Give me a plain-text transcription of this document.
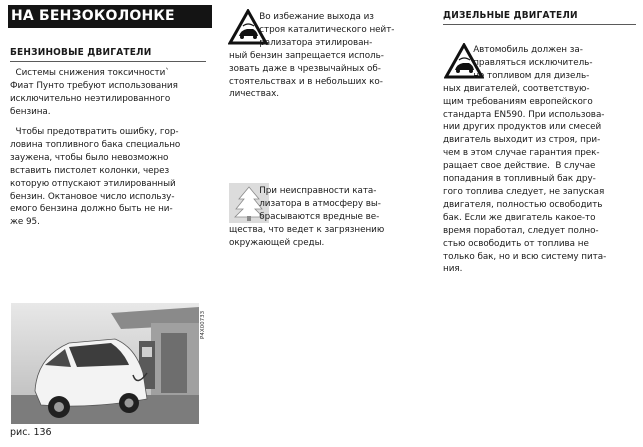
НА БЕНЗОКОЛОНКЕ
БЕНЗИНОВЫЕ ДВИГАТЕЛИ
Системы снижения токсичности`
Фиат Пунто требуют использования
исключительно неэтилированного
бензина.
Чтобы предотвратить ошибку, гор-
ловина топливного бака специально
зауженa, чтобы было невозможно
вставить пистолет колонки, через
которую отпускают этилированный
бензин. Октановое число использу-
емого бензина должно быть не ни-
же 95.
P4X00733
рис. 136
Во избежание выхода из
строя каталитического нейт-
рализатора этилирован-
ный бензин запрещается исполь-
зовать даже в чрезвычайных об-
стоятельствах и в небольших ко-
личествах.
При неисправности ката-
лизатора в атмосферу вы-
брасываются вредные ве-
щества, что ведет к загрязнению
окружающей среды.
ДИЗЕЛЬНЫЕ ДВИГАТЕЛИ
Автомобиль должен за-
правляться исключитель-
но топливом для дизель-
ных двигателей, соответствую-
щим требованиям европейского
стандарта EN590. При использова-
нии других продуктов или смесей
двигатель выходит из строя, при-
чем в этом случае гарантия прек-
ращает свое действие.  В случае
попадания в топливный бак дру-
гого топлива следует, не запуская
двигателя, полностью освободить
бак. Если же двигатель какое-то
время поработал, следует полно-
стью освободить от топлива не
только бак, но и всю систему пита-
ния.
